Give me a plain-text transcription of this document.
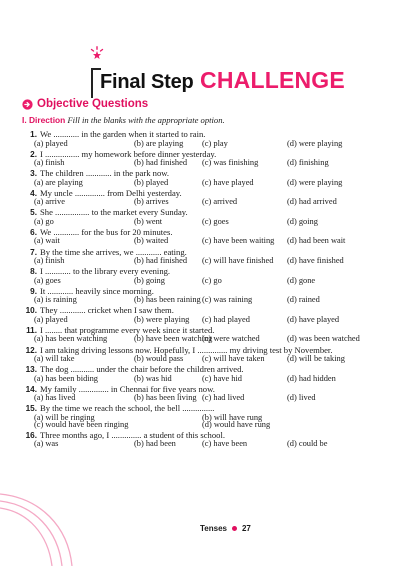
Final Step CHALLENGE
Objective Questions
I. Direction Fill in the blanks with the appropriate option.
1. We ............ in the garden when it started to rain.
(a) played	(b) are playing (c) play	(d) were playing
2. I ................ my homework before dinner yesterday.
(a) finish	(b) had finished (c) was finishing	(d) finishing
3. The children ............ in the park now.
(a) are playing	(b) played	(c) have played	(d) were playing
4. My uncle .............. from Delhi yesterday.
(a) arrive	(b) arrives	(c) arrived	(d) had arrived
5. She ................ to the market every Sunday.
(a) go	(b) went	(c) goes	(d) going
6. We ............ for the bus for 20 minutes.
(a) wait	(b) waited	(c) have been waiting (d) had been wait
7. By the time she arrives, we ............ eating.
(a) finish	(b) had finished (c) will have finished (d) have finished
8. I ............ to the library every evening.
(a) goes	(b) going	(c) go	(d) gone
9. It ............ heavily since morning.
(a) is raining	(b) has been raining (c) was raining	(d) rained
10. They ............ cricket when I saw them.
(a) played	(b) were playing (c) had played	(d) have played
11. I ........ that programme every week since it started.
(a) has been watching	(b) have been watching
(c) were watched	(d) was been watched
12. I am taking driving lessons now. Hopefully, I .............. my driving test by November.
(a) will take	(b) would pass (c) will have taken	(d) will be taking
13. The dog ........... under the chair before the children arrived.
(a) has been biding	(b) was hid	(c) have hid	(d) had hidden
14. My family .............. in Chennai for five years now.
(a) has lived	(b) has been living (c) had lived	(d) lived
15. By the time we reach the school, the bell ...............
(a) will be ringing	(b) will have rung
(c) would have been ringing	(d) would have rung
16. Three months ago, I .............. a student of this school.
(a) was	(b) had been	(c) have been	(d) could be
Tenses 27
